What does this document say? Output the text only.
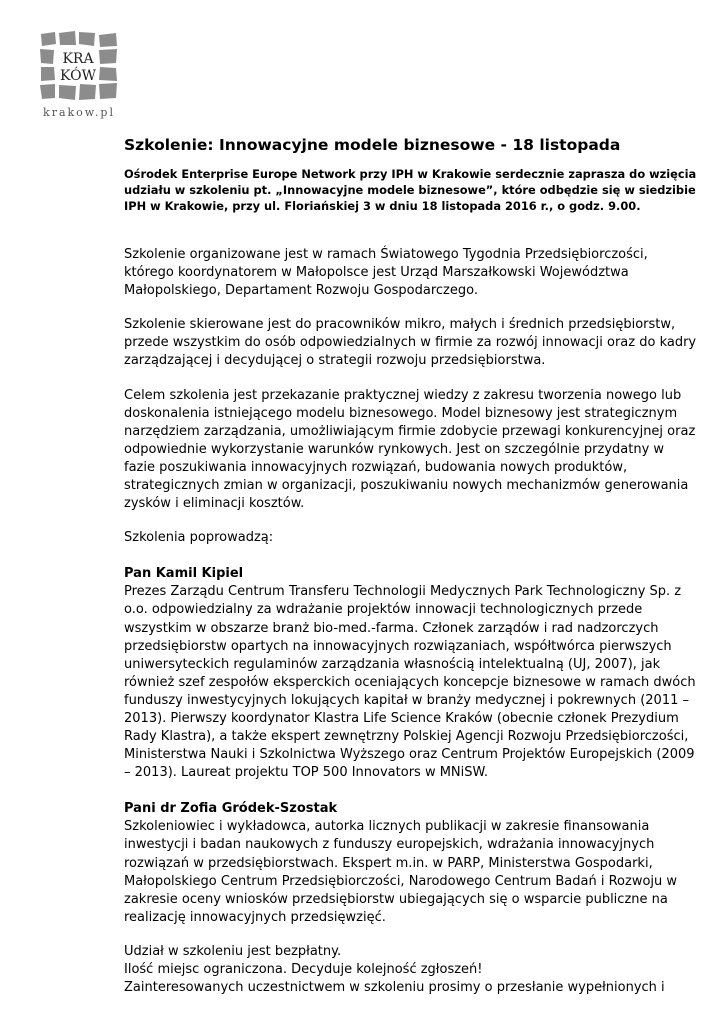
KRA
KÓW
krakow.pl
Szkolenie: Innowacyjne modele biznesowe - 18 listopada
Ośrodek Enterprise Europe Network przy IPH w Krakowie serdecznie zaprasza do wzięcia udziału w szkoleniu pt. „Innowacyjne modele biznesowe”, które odbędzie się w siedzibie IPH w Krakowie, przy ul. Floriańskiej 3 w dniu 18 listopada 2016 r., o godz. 9.00.
Szkolenie organizowane jest w ramach Światowego Tygodnia Przedsiębiorczości, którego koordynatorem w Małopolsce jest Urząd Marszałkowski Województwa Małopolskiego, Departament Rozwoju Gospodarczego.
Szkolenie skierowane jest do pracowników mikro, małych i średnich przedsiębiorstw, przede wszystkim do osób odpowiedzialnych w firmie za rozwój innowacji oraz do kadry zarządzającej i decydującej o strategii rozwoju przedsiębiorstwa.
Celem szkolenia jest przekazanie praktycznej wiedzy z zakresu tworzenia nowego lub doskonalenia istniejącego modelu biznesowego. Model biznesowy jest strategicznym narzędziem zarządzania, umożliwiającym firmie zdobycie przewagi konkurencyjnej oraz odpowiednie wykorzystanie warunków rynkowych. Jest on szczególnie przydatny w fazie poszukiwania innowacyjnych rozwiązań, budowania nowych produktów, strategicznych zmian w organizacji, poszukiwaniu nowych mechanizmów generowania zysków i eliminacji kosztów.
Szkolenia poprowadzą:
Pan Kamil Kipiel
Prezes Zarządu Centrum Transferu Technologii Medycznych Park Technologiczny Sp. z o.o. odpowiedzialny za wdrażanie projektów innowacji technologicznych przede wszystkim w obszarze branż bio-med.-farma. Członek zarządów i rad nadzorczych przedsiębiorstw opartych na innowacyjnych rozwiązaniach, współtwórca pierwszych uniwersyteckich regulaminów zarządzania własnością intelektualną (UJ, 2007), jak również szef zespołów eksperckich oceniających koncepcje biznesowe w ramach dwóch funduszy inwestycyjnych lokujących kapitał w branży medycznej i pokrewnych (2011 – 2013). Pierwszy koordynator Klastra Life Science Kraków (obecnie członek Prezydium Rady Klastra), a także ekspert zewnętrzny Polskiej Agencji Rozwoju Przedsiębiorczości, Ministerstwa Nauki i Szkolnictwa Wyższego oraz Centrum Projektów Europejskich (2009 – 2013). Laureat projektu TOP 500 Innovators w MNiSW.
Pani dr Zofia Gródek-Szostak
Szkoleniowiec i wykładowca, autorka licznych publikacji w zakresie finansowania inwestycji i badan naukowych z funduszy europejskich, wdrażania innowacyjnych rozwiązań w przedsiębiorstwach. Ekspert m.in. w PARP, Ministerstwa Gospodarki, Małopolskiego Centrum Przedsiębiorczości, Narodowego Centrum Badań i Rozwoju w zakresie oceny wniosków przedsiębiorstw ubiegających się o wsparcie publiczne na realizację innowacyjnych przedsięwzięć.
Udział w szkoleniu jest bezpłatny.
Ilość miejsc ograniczona. Decyduje kolejność zgłoszeń!
Zainteresowanych uczestnictwem w szkoleniu prosimy o przesłanie wypełnionych i
